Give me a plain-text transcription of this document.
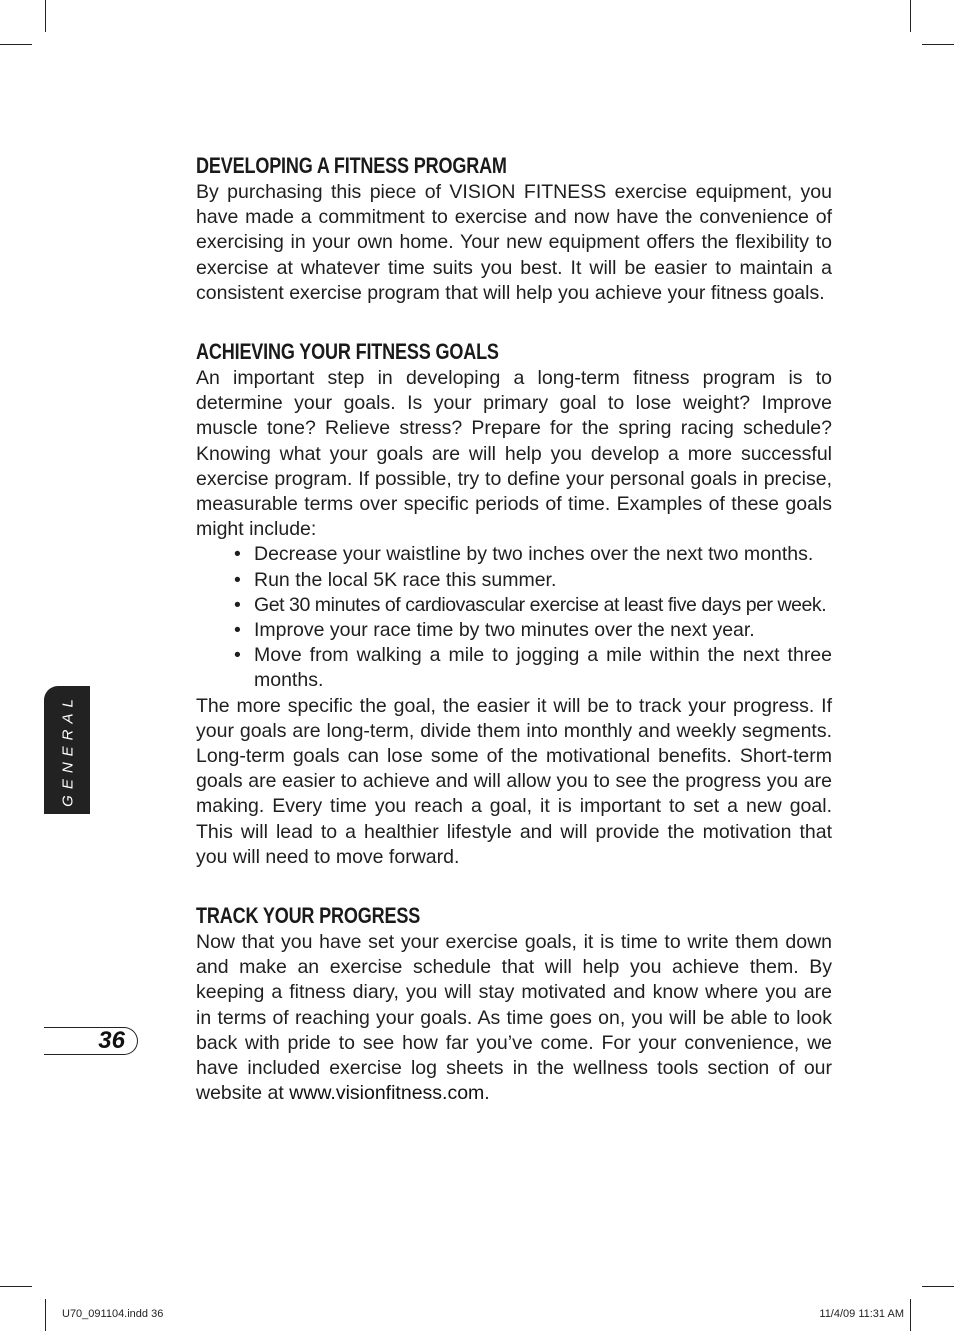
DEVELOPING A FITNESS PROGRAM

By purchasing this piece of VISION FITNESS exercise equipment, you have made a commitment to exercise and now have the convenience of exercising in your own home. Your new equipment offers the flexibility to exercise at whatever time suits you best. It will be easier to maintain a consistent exercise program that will help you achieve your fitness goals.

ACHIEVING YOUR FITNESS GOALS

An important step in developing a long-term fitness program is to determine your goals. Is your primary goal to lose weight? Improve muscle tone? Relieve stress? Prepare for the spring racing schedule? Knowing what your goals are will help you develop a more successful exercise program. If possible, try to define your personal goals in precise, measurable terms over specific periods of time. Examples of these goals might include:

• Decrease your waistline by two inches over the next two months.
• Run the local 5K race this summer.
• Get 30 minutes of cardiovascular exercise at least five days per week.
• Improve your race time by two minutes over the next year.
• Move from walking a mile to jogging a mile within the next three months.

The more specific the goal, the easier it will be to track your progress. If your goals are long-term, divide them into monthly and weekly segments. Long-term goals can lose some of the motivational benefits. Short-term goals are easier to achieve and will allow you to see the progress you are making. Every time you reach a goal, it is important to set a new goal. This will lead to a healthier lifestyle and will provide the motivation that you will need to move forward.

TRACK YOUR PROGRESS

Now that you have set your exercise goals, it is time to write them down and make an exercise schedule that will help you achieve them. By keeping a fitness diary, you will stay motivated and know where you are in terms of reaching your goals. As time goes on, you will be able to look back with pride to see how far you’ve come. For your convenience, we have included exercise log sheets in the wellness tools section of our website at www.visionfitness.com.

GENERAL
36
U70_091104.indd 36	11/4/09 11:31 AM
